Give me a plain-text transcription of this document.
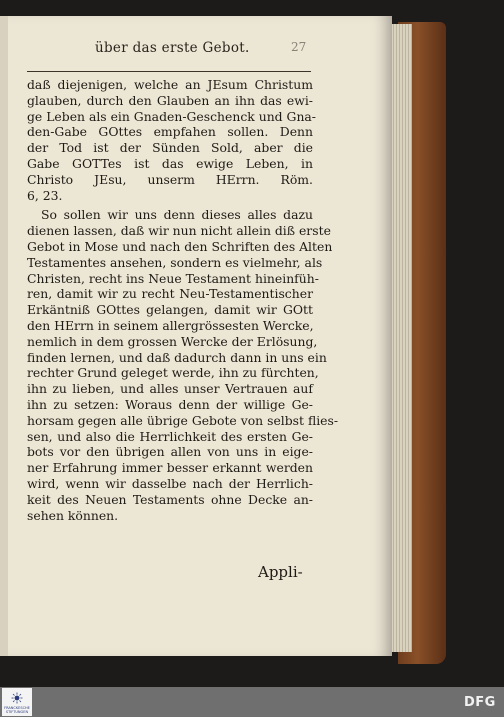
über das erste Gebot.	27
daß diejenigen, welche an JEsum Christum
glauben, durch den Glauben an ihn das ewi-
ge Leben als ein Gnaden-Geschenck und Gna-
den-Gabe GOttes empfahen sollen. Denn
der Tod ist der Sünden Sold, aber die
Gabe GOTTes ist das ewige Leben, in
Christo JEsu, unserm HErrn. Röm.
6, 23.
So sollen wir uns denn dieses alles dazu
dienen lassen, daß wir nun nicht allein diß erste
Gebot in Mose und nach den Schriften des Alten
Testamentes ansehen, sondern es vielmehr, als
Christen, recht ins Neue Testament hineinfüh-
ren, damit wir zu recht Neu-Testamentischer
Erkäntniß GOttes gelangen, damit wir GOtt
den HErrn in seinem allergrössesten Wercke,
nemlich in dem grossen Wercke der Erlösung,
finden lernen, und daß dadurch dann in uns ein
rechter Grund geleget werde, ihn zu fürchten,
ihn zu lieben, und alles unser Vertrauen auf
ihn zu setzen: Woraus denn der willige Ge-
horsam gegen alle übrige Gebote von selbst flies-
sen, und also die Herrlichkeit des ersten Ge-
bots vor den übrigen allen von uns in eige-
ner Erfahrung immer besser erkannt werden
wird, wenn wir dasselbe nach der Herrlich-
keit des Neuen Testaments ohne Decke an-
sehen können.
Appli-
FRANCKESCHE STIFTUNGEN
DFG
